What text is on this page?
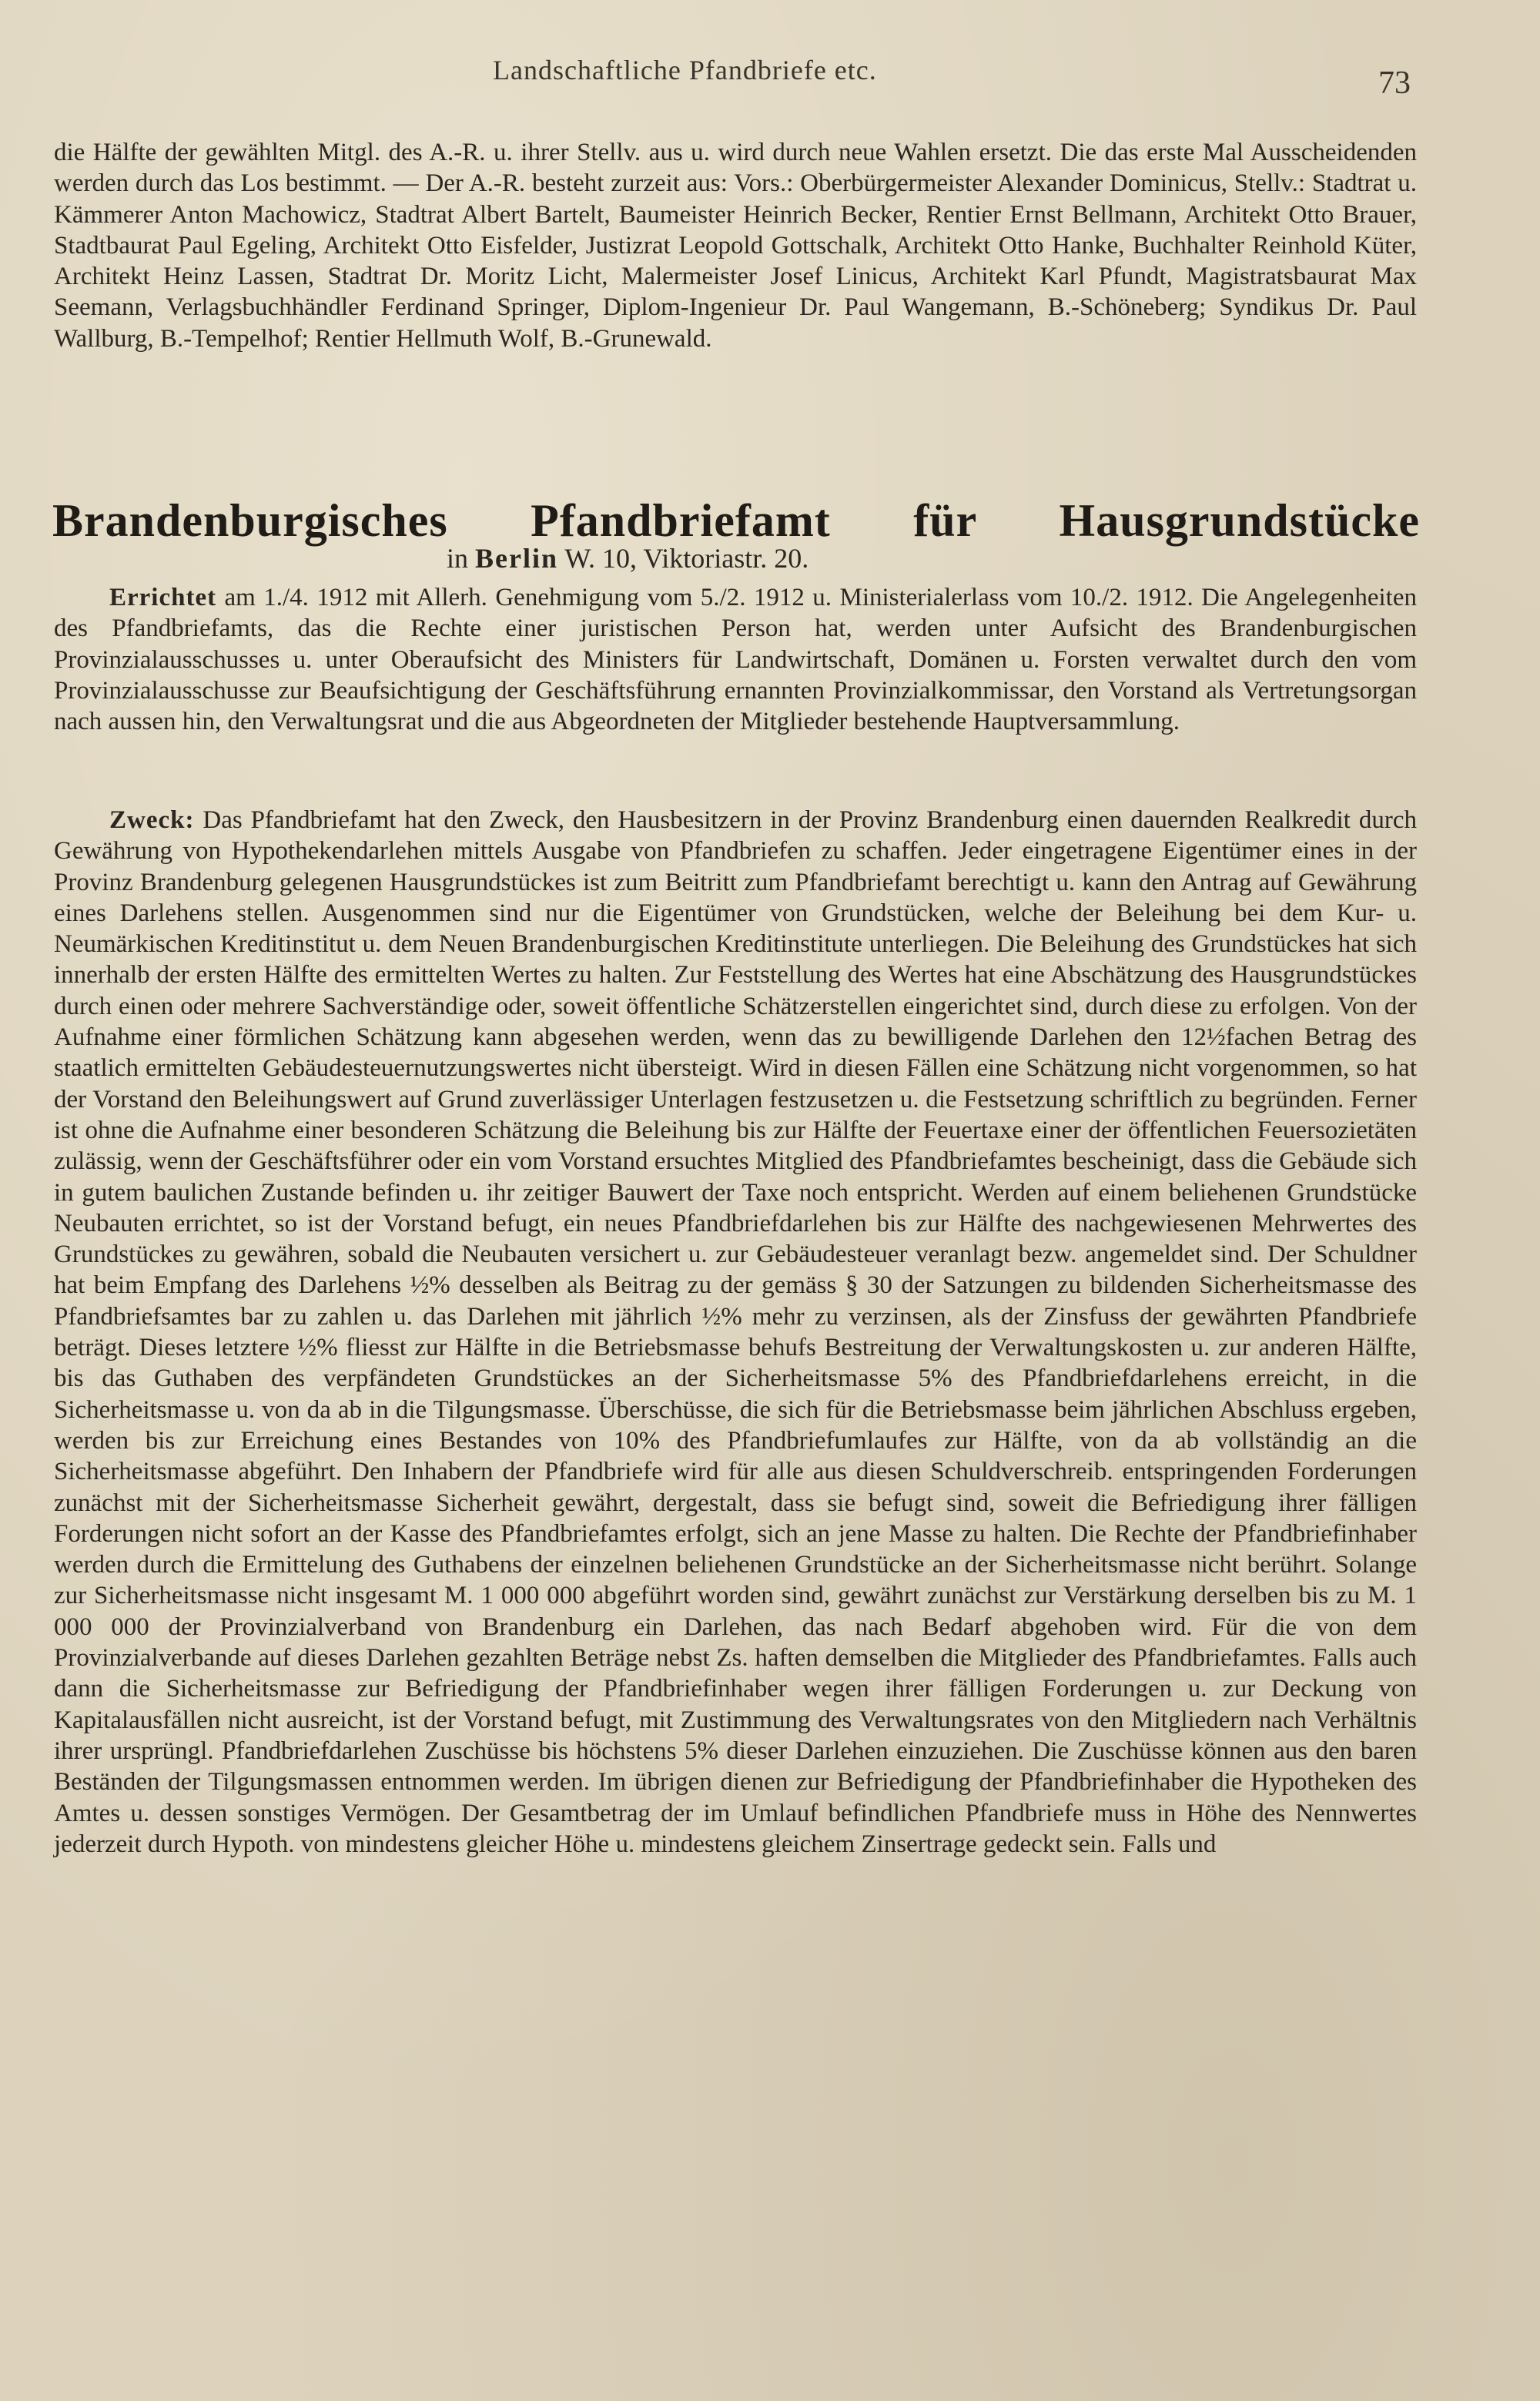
Landschaftliche Pfandbriefe etc.	73

die Hälfte der gewählten Mitgl. des A.-R. u. ihrer Stellv. aus u. wird durch neue Wahlen ersetzt. Die das erste Mal Ausscheidenden werden durch das Los bestimmt. — Der A.-R. besteht zurzeit aus: Vors.: Oberbürgermeister Alexander Dominicus, Stellv.: Stadtrat u. Kämmerer Anton Machowicz, Stadtrat Albert Bartelt, Baumeister Heinrich Becker, Rentier Ernst Bellmann, Architekt Otto Brauer, Stadtbaurat Paul Egeling, Architekt Otto Eisfelder, Justizrat Leopold Gottschalk, Architekt Otto Hanke, Buchhalter Reinhold Küter, Architekt Heinz Lassen, Stadtrat Dr. Moritz Licht, Malermeister Josef Linicus, Architekt Karl Pfundt, Magistratsbaurat Max Seemann, Verlagsbuchhändler Ferdinand Springer, Diplom-Ingenieur Dr. Paul Wangemann, B.-Schöneberg; Syndikus Dr. Paul Wallburg, B.-Tempelhof; Rentier Hellmuth Wolf, B.-Grunewald.

Brandenburgisches Pfandbriefamt für Hausgrundstücke
in Berlin W. 10, Viktoriastr. 20.

Errichtet am 1./4. 1912 mit Allerh. Genehmigung vom 5./2. 1912 u. Ministerialerlass vom 10./2. 1912. Die Angelegenheiten des Pfandbriefamts, das die Rechte einer juristischen Person hat, werden unter Aufsicht des Brandenburgischen Provinzialausschusses u. unter Oberaufsicht des Ministers für Landwirtschaft, Domänen u. Forsten verwaltet durch den vom Provinzialausschusse zur Beaufsichtigung der Geschäftsführung ernannten Provinzialkommissar, den Vorstand als Vertretungsorgan nach aussen hin, den Verwaltungsrat und die aus Abgeordneten der Mitglieder bestehende Hauptversammlung.

Zweck: Das Pfandbriefamt hat den Zweck, den Hausbesitzern in der Provinz Brandenburg einen dauernden Realkredit durch Gewährung von Hypothekendarlehen mittels Ausgabe von Pfandbriefen zu schaffen. Jeder eingetragene Eigentümer eines in der Provinz Brandenburg gelegenen Hausgrundstückes ist zum Beitritt zum Pfandbriefamt berechtigt u. kann den Antrag auf Gewährung eines Darlehens stellen. Ausgenommen sind nur die Eigentümer von Grundstücken, welche der Beleihung bei dem Kur- u. Neumärkischen Kreditinstitut u. dem Neuen Brandenburgischen Kreditinstitute unterliegen. Die Beleihung des Grundstückes hat sich innerhalb der ersten Hälfte des ermittelten Wertes zu halten. Zur Feststellung des Wertes hat eine Abschätzung des Hausgrundstückes durch einen oder mehrere Sachverständige oder, soweit öffentliche Schätzerstellen eingerichtet sind, durch diese zu erfolgen. Von der Aufnahme einer förmlichen Schätzung kann abgesehen werden, wenn das zu bewilligende Darlehen den 12½fachen Betrag des staatlich ermittelten Gebäudesteuernutzungswertes nicht übersteigt. Wird in diesen Fällen eine Schätzung nicht vorgenommen, so hat der Vorstand den Beleihungswert auf Grund zuverlässiger Unterlagen festzusetzen u. die Festsetzung schriftlich zu begründen. Ferner ist ohne die Aufnahme einer besonderen Schätzung die Beleihung bis zur Hälfte der Feuertaxe einer der öffentlichen Feuersozietäten zulässig, wenn der Geschäftsführer oder ein vom Vorstand ersuchtes Mitglied des Pfandbriefamtes bescheinigt, dass die Gebäude sich in gutem baulichen Zustande befinden u. ihr zeitiger Bauwert der Taxe noch entspricht. Werden auf einem beliehenen Grundstücke Neubauten errichtet, so ist der Vorstand befugt, ein neues Pfandbriefdarlehen bis zur Hälfte des nachgewiesenen Mehrwertes des Grundstückes zu gewähren, sobald die Neubauten versichert u. zur Gebäudesteuer veranlagt bezw. angemeldet sind. Der Schuldner hat beim Empfang des Darlehens ½% desselben als Beitrag zu der gemäss § 30 der Satzungen zu bildenden Sicherheitsmasse des Pfandbriefsamtes bar zu zahlen u. das Darlehen mit jährlich ½% mehr zu verzinsen, als der Zinsfuss der gewährten Pfandbriefe beträgt. Dieses letztere ½% fliesst zur Hälfte in die Betriebsmasse behufs Bestreitung der Verwaltungskosten u. zur anderen Hälfte, bis das Guthaben des verpfändeten Grundstückes an der Sicherheitsmasse 5% des Pfandbriefdarlehens erreicht, in die Sicherheitsmasse u. von da ab in die Tilgungsmasse. Überschüsse, die sich für die Betriebsmasse beim jährlichen Abschluss ergeben, werden bis zur Erreichung eines Bestandes von 10% des Pfandbriefumlaufes zur Hälfte, von da ab vollständig an die Sicherheitsmasse abgeführt. Den Inhabern der Pfandbriefe wird für alle aus diesen Schuldverschreib. entspringenden Forderungen zunächst mit der Sicherheitsmasse Sicherheit gewährt, dergestalt, dass sie befugt sind, soweit die Befriedigung ihrer fälligen Forderungen nicht sofort an der Kasse des Pfandbriefamtes erfolgt, sich an jene Masse zu halten. Die Rechte der Pfandbriefinhaber werden durch die Ermittelung des Guthabens der einzelnen beliehenen Grundstücke an der Sicherheitsmasse nicht berührt. Solange zur Sicherheitsmasse nicht insgesamt M. 1 000 000 abgeführt worden sind, gewährt zunächst zur Verstärkung derselben bis zu M. 1 000 000 der Provinzialverband von Brandenburg ein Darlehen, das nach Bedarf abgehoben wird. Für die von dem Provinzialverbande auf dieses Darlehen gezahlten Beträge nebst Zs. haften demselben die Mitglieder des Pfandbriefamtes. Falls auch dann die Sicherheitsmasse zur Befriedigung der Pfandbriefinhaber wegen ihrer fälligen Forderungen u. zur Deckung von Kapitalausfällen nicht ausreicht, ist der Vorstand befugt, mit Zustimmung des Verwaltungsrates von den Mitgliedern nach Verhältnis ihrer ursprüngl. Pfandbriefdarlehen Zuschüsse bis höchstens 5% dieser Darlehen einzuziehen. Die Zuschüsse können aus den baren Beständen der Tilgungsmassen entnommen werden. Im übrigen dienen zur Befriedigung der Pfandbriefinhaber die Hypotheken des Amtes u. dessen sonstiges Vermögen. Der Gesamtbetrag der im Umlauf befindlichen Pfandbriefe muss in Höhe des Nennwertes jederzeit durch Hypoth. von mindestens gleicher Höhe u. mindestens gleichem Zinsertrage gedeckt sein. Falls und
